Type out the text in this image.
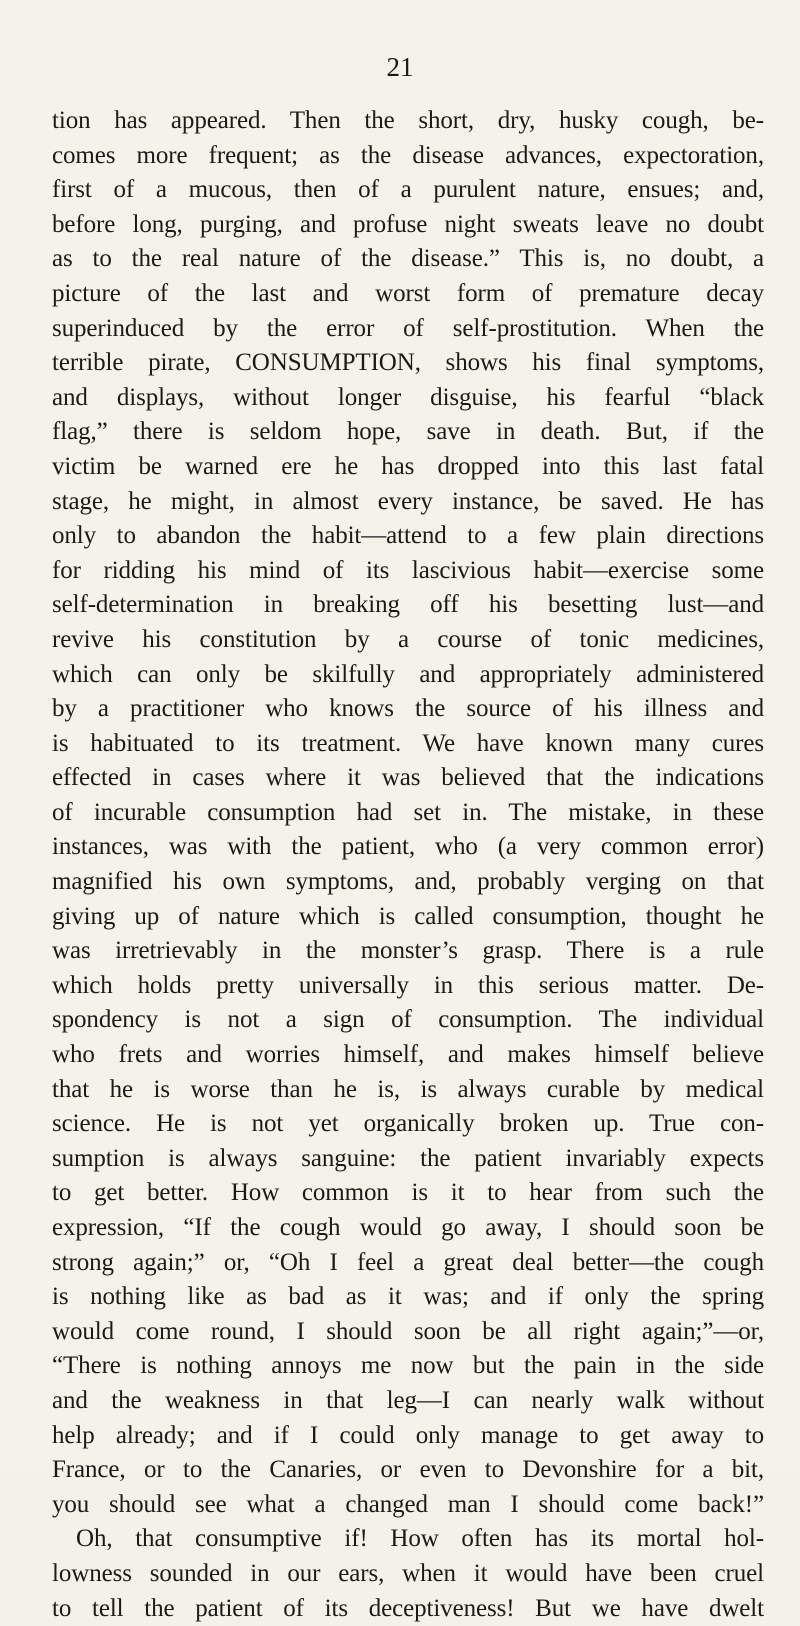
21
tion has appeared. Then the short, dry, husky cough, be-
comes more frequent; as the disease advances, expectoration,
first of a mucous, then of a purulent nature, ensues; and,
before long, purging, and profuse night sweats leave no doubt
as to the real nature of the disease.” This is, no doubt, a
picture of the last and worst form of premature decay
superinduced by the error of self-prostitution. When the
terrible pirate, CONSUMPTION, shows his final symptoms,
and displays, without longer disguise, his fearful “black
flag,” there is seldom hope, save in death. But, if the
victim be warned ere he has dropped into this last fatal
stage, he might, in almost every instance, be saved. He has
only to abandon the habit—attend to a few plain directions
for ridding his mind of its lascivious habit—exercise some
self-determination in breaking off his besetting lust—and
revive his constitution by a course of tonic medicines,
which can only be skilfully and appropriately administered
by a practitioner who knows the source of his illness and
is habituated to its treatment. We have known many cures
effected in cases where it was believed that the indications
of incurable consumption had set in. The mistake, in these
instances, was with the patient, who (a very common error)
magnified his own symptoms, and, probably verging on that
giving up of nature which is called consumption, thought he
was irretrievably in the monster’s grasp. There is a rule
which holds pretty universally in this serious matter. De-
spondency is not a sign of consumption. The individual
who frets and worries himself, and makes himself believe
that he is worse than he is, is always curable by medical
science. He is not yet organically broken up. True con-
sumption is always sanguine: the patient invariably expects
to get better. How common is it to hear from such the
expression, “If the cough would go away, I should soon be
strong again;” or, “Oh I feel a great deal better—the cough
is nothing like as bad as it was; and if only the spring
would come round, I should soon be all right again;”—or,
“There is nothing annoys me now but the pain in the side
and the weakness in that leg—I can nearly walk without
help already; and if I could only manage to get away to
France, or to the Canaries, or even to Devonshire for a bit,
you should see what a changed man I should come back!”
Oh, that consumptive if! How often has its mortal hol-
lowness sounded in our ears, when it would have been cruel
to tell the patient of its deceptiveness! But we have dwelt
